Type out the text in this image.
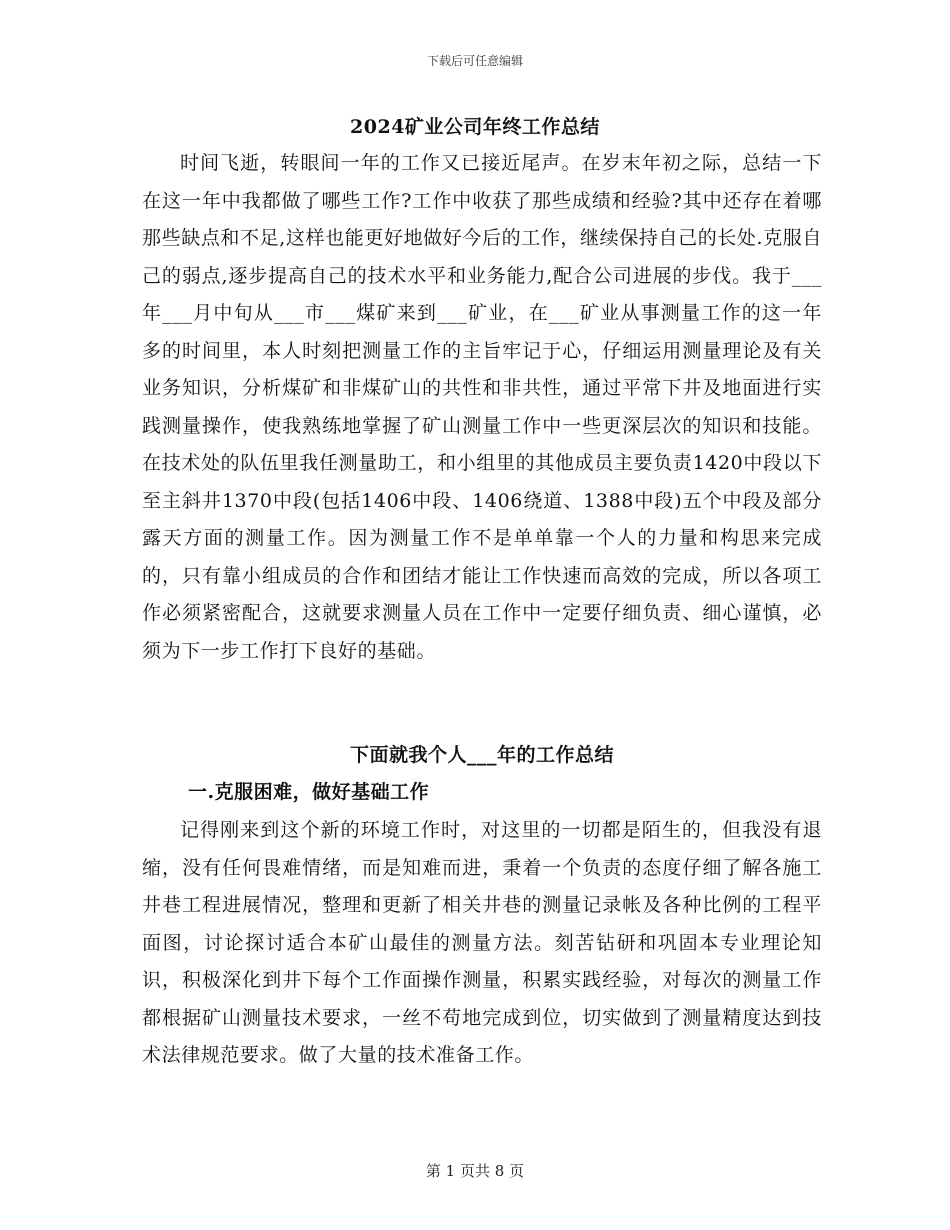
下载后可任意编辑
2024矿业公司年终工作总结

时间飞逝，转眼间一年的工作又已接近尾声。在岁末年初之际，总结一下在这一年中我都做了哪些工作?工作中收获了那些成绩和经验?其中还存在着哪那些缺点和不足,这样也能更好地做好今后的工作，继续保持自己的长处.克服自己的弱点,逐步提高自己的技术水平和业务能力,配合公司进展的步伐。我于___年___月中旬从___市___煤矿来到___矿业，在___矿业从事测量工作的这一年多的时间里，本人时刻把测量工作的主旨牢记于心，仔细运用测量理论及有关业务知识，分析煤矿和非煤矿山的共性和非共性，通过平常下井及地面进行实践测量操作，使我熟练地掌握了矿山测量工作中一些更深层次的知识和技能。在技术处的队伍里我任测量助工，和小组里的其他成员主要负责1420中段以下至主斜井1370中段(包括1406中段、1406绕道、1388中段)五个中段及部分露天方面的测量工作。因为测量工作不是单单靠一个人的力量和构思来完成的，只有靠小组成员的合作和团结才能让工作快速而高效的完成，所以各项工作必须紧密配合，这就要求测量人员在工作中一定要仔细负责、细心谨慎，必须为下一步工作打下良好的基础。

下面就我个人___年的工作总结
一.克服困难，做好基础工作

记得刚来到这个新的环境工作时，对这里的一切都是陌生的，但我没有退缩，没有任何畏难情绪，而是知难而进，秉着一个负责的态度仔细了解各施工井巷工程进展情况，整理和更新了相关井巷的测量记录帐及各种比例的工程平面图，讨论探讨适合本矿山最佳的测量方法。刻苦钻研和巩固本专业理论知识，积极深化到井下每个工作面操作测量，积累实践经验，对每次的测量工作都根据矿山测量技术要求，一丝不苟地完成到位，切实做到了测量精度达到技术法律规范要求。做了大量的技术准备工作。

第 1 页共 8 页
